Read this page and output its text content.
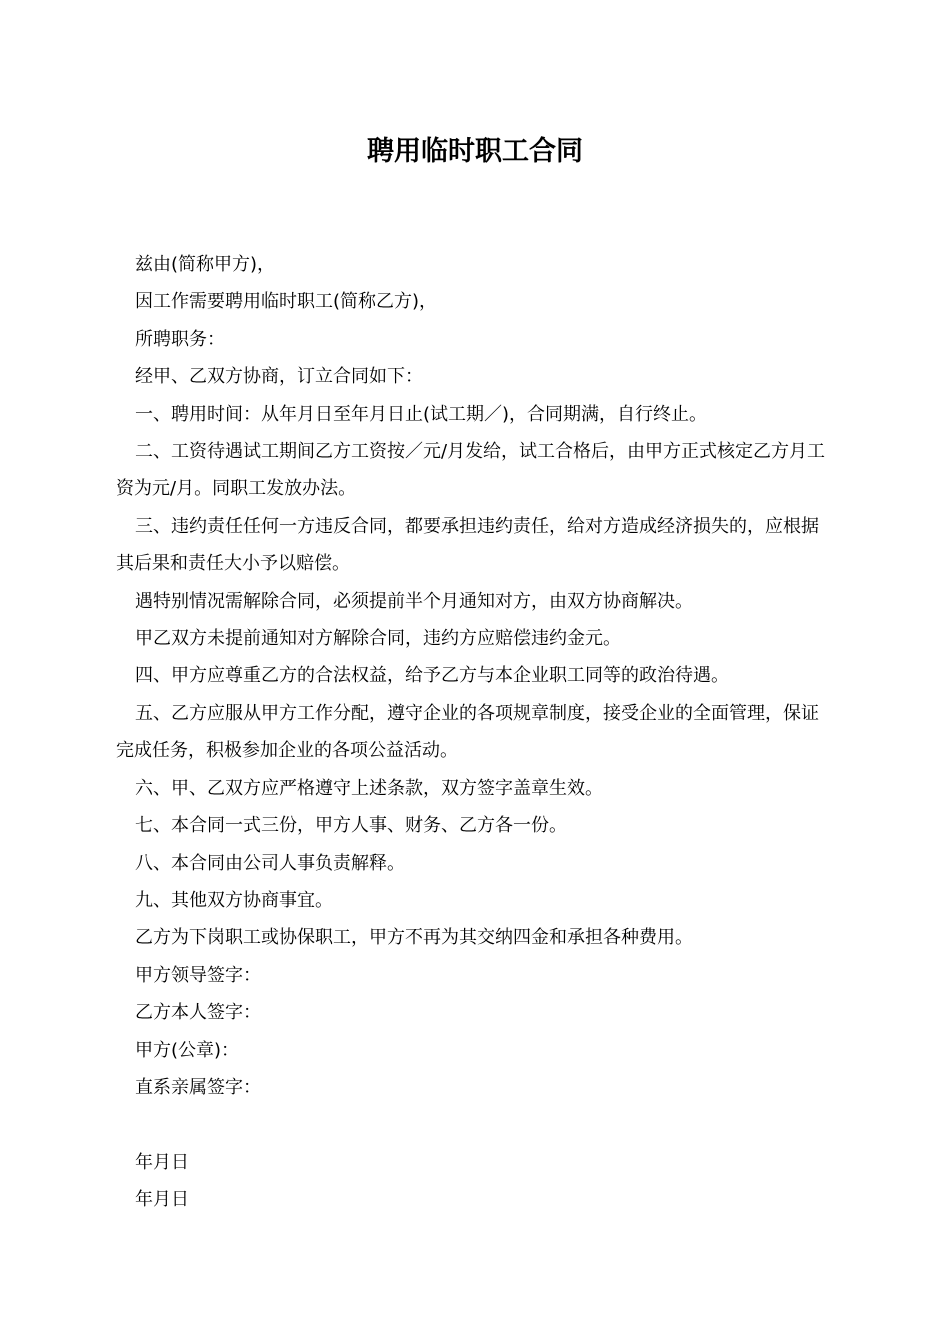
聘用临时职工合同

兹由(简称甲方)，

因工作需要聘用临时职工(简称乙方)，

所聘职务：

经甲、乙双方协商，订立合同如下：

一、聘用时间：从年月日至年月日止(试工期／)，合同期满，自行终止。

二、工资待遇试工期间乙方工资按／元/月发给，试工合格后，由甲方正式核定乙方月工资为元/月。同职工发放办法。

三、违约责任任何一方违反合同，都要承担违约责任，给对方造成经济损失的，应根据其后果和责任大小予以赔偿。

遇特别情况需解除合同，必须提前半个月通知对方，由双方协商解决。

甲乙双方未提前通知对方解除合同，违约方应赔偿违约金元。

四、甲方应尊重乙方的合法权益，给予乙方与本企业职工同等的政治待遇。

五、乙方应服从甲方工作分配，遵守企业的各项规章制度，接受企业的全面管理，保证完成任务，积极参加企业的各项公益活动。

六、甲、乙双方应严格遵守上述条款，双方签字盖章生效。

七、本合同一式三份，甲方人事、财务、乙方各一份。

八、本合同由公司人事负责解释。

九、其他双方协商事宜。

乙方为下岗职工或协保职工，甲方不再为其交纳四金和承担各种费用。

甲方领导签字：

乙方本人签字：

甲方(公章)：

直系亲属签字：

年月日

年月日
